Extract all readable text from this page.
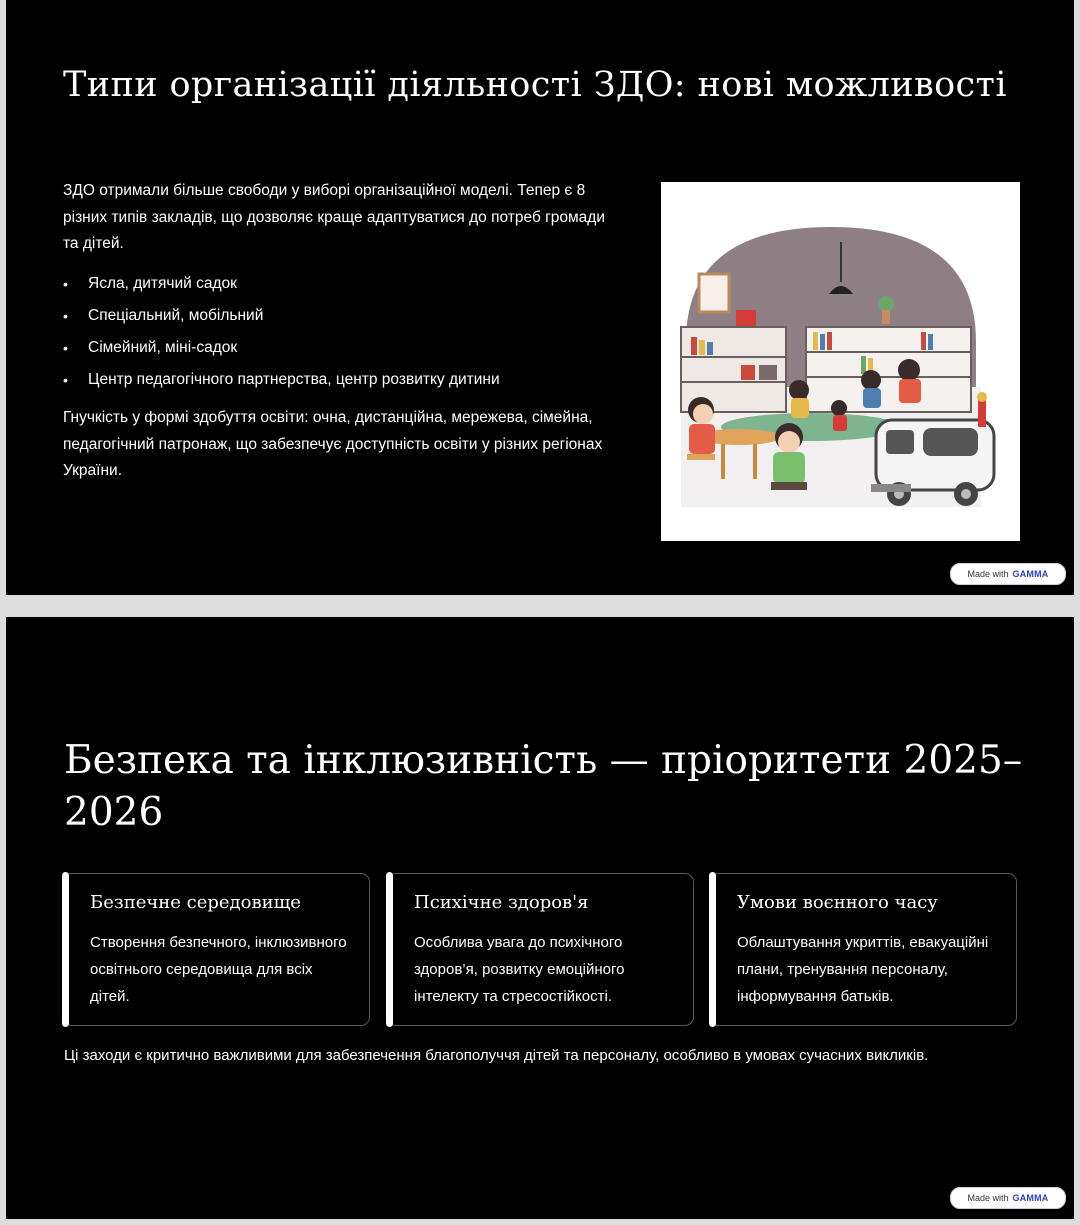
Типи організації діяльності ЗДО: нові можливості

ЗДО отримали більше свободи у виборі організаційної моделі. Тепер є 8 різних типів закладів, що дозволяє краще адаптуватися до потреб громади та дітей.

• Ясла, дитячий садок
• Спеціальний, мобільний
• Сімейний, міні-садок
• Центр педагогічного партнерства, центр розвитку дитини

Гнучкість у формі здобуття освіти: очна, дистанційна, мережева, сімейна, педагогічний патронаж, що забезпечує доступність освіти у різних регіонах України.

Made with GAMMA
Безпека та інклюзивність — пріоритети 2025–2026
Безпечне середовище

Створення безпечного, інклюзивного освітнього середовища для всіх дітей.

Психічне здоров'я

Особлива увага до психічного здоров’я, розвитку емоційного інтелекту та стресостійкості.

Умови воєнного часу

Облаштування укриттів, евакуаційні плани, тренування персоналу, інформування батьків.

Ці заходи є критично важливими для забезпечення благополуччя дітей та персоналу, особливо в умовах сучасних викликів.

Made with GAMMA
